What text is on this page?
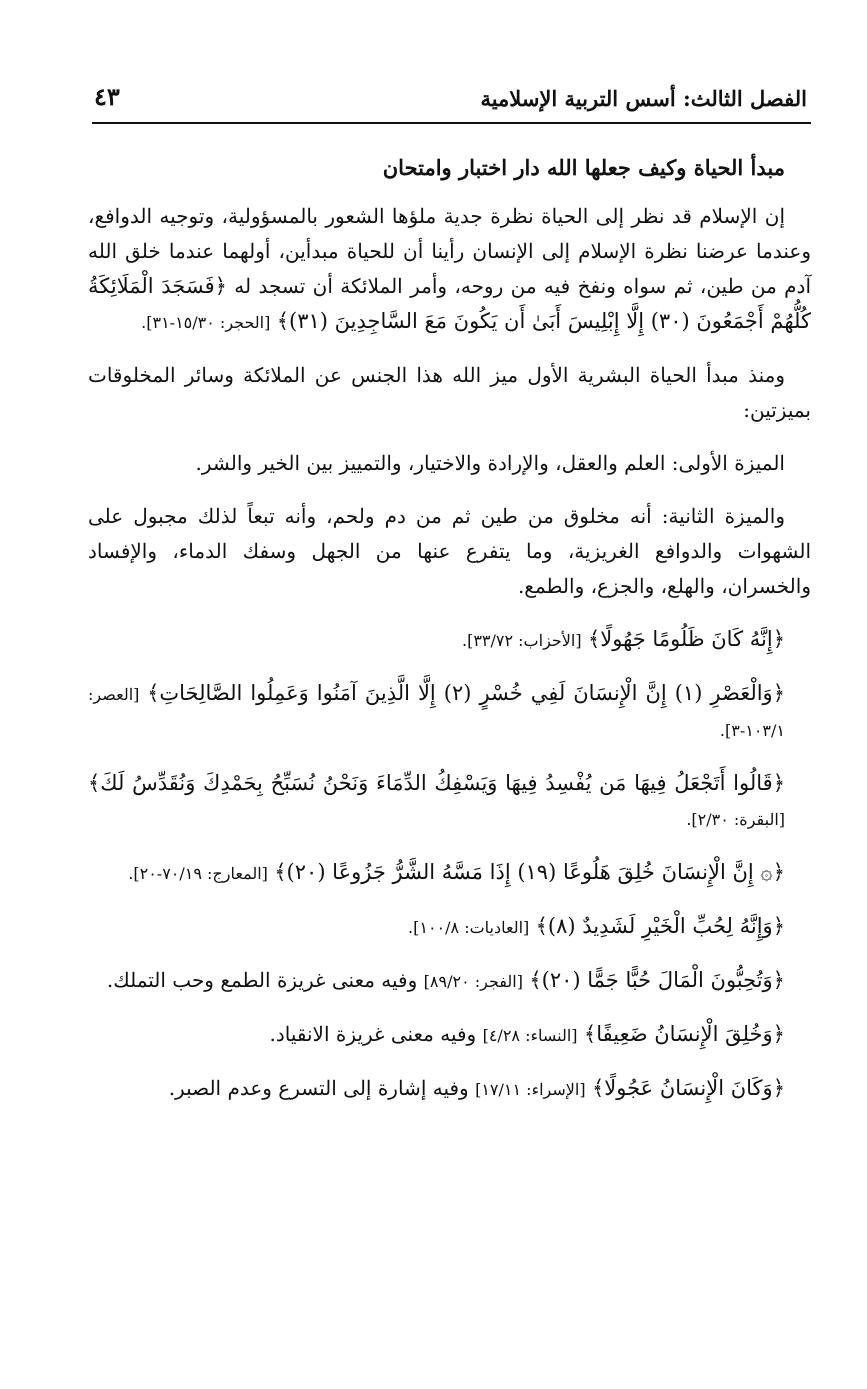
الفصل الثالث: أسس التربية الإسلامية
٤٣
مبدأ الحياة وكيف جعلها الله دار اختبار وامتحان

إن الإسلام قد نظر إلى الحياة نظرة جدية ملؤها الشعور بالمسؤولية، وتوجيه الدوافع، وعندما عرضنا نظرة الإسلام إلى الإنسان رأينا أن للحياة مبدأين، أولهما عندما خلق الله آدم من طين، ثم سواه ونفخ فيه من روحه، وأمر الملائكة أن تسجد له ﴿فَسَجَدَ الْمَلَائِكَةُ كُلُّهُمْ أَجْمَعُونَ (٣٠) إِلَّا إِبْلِيسَ أَبَىٰ أَن يَكُونَ مَعَ السَّاجِدِينَ (٣١)﴾ [الحجر: ١٥/٣٠-٣١].

ومنذ مبدأ الحياة البشرية الأول ميز الله هذا الجنس عن الملائكة وسائر المخلوقات بميزتين:

الميزة الأولى: العلم والعقل، والإرادة والاختيار، والتمييز بين الخير والشر.

والميزة الثانية: أنه مخلوق من طين ثم من دم ولحم، وأنه تبعاً لذلك مجبول على الشهوات والدوافع الغريزية، وما يتفرع عنها من الجهل وسفك الدماء، والإفساد والخسران، والهلع، والجزع، والطمع.

﴿إِنَّهُ كَانَ ظَلُومًا جَهُولًا﴾ [الأحزاب: ٣٣/٧٢].

﴿وَالْعَصْرِ (١) إِنَّ الْإِنسَانَ لَفِي خُسْرٍ (٢) إِلَّا الَّذِينَ آمَنُوا وَعَمِلُوا الصَّالِحَاتِ﴾ [العصر: ١٠٣/١-٣].

﴿قَالُوا أَتَجْعَلُ فِيهَا مَن يُفْسِدُ فِيهَا وَيَسْفِكُ الدِّمَاءَ وَنَحْنُ نُسَبِّحُ بِحَمْدِكَ وَنُقَدِّسُ لَكَ﴾ [البقرة: ٢/٣٠].

﴿۞ إِنَّ الْإِنسَانَ خُلِقَ هَلُوعًا (١٩) إِذَا مَسَّهُ الشَّرُّ جَزُوعًا (٢٠)﴾ [المعارج: ٧٠/١٩-٢٠].

﴿وَإِنَّهُ لِحُبِّ الْخَيْرِ لَشَدِيدٌ (٨)﴾ [العاديات: ١٠٠/٨].

﴿وَتُحِبُّونَ الْمَالَ حُبًّا جَمًّا (٢٠)﴾ [الفجر: ٨٩/٢٠] وفيه معنى غريزة الطمع وحب التملك.

﴿وَخُلِقَ الْإِنسَانُ ضَعِيفًا﴾ [النساء: ٤/٢٨] وفيه معنى غريزة الانقياد.

﴿وَكَانَ الْإِنسَانُ عَجُولًا﴾ [الإسراء: ١٧/١١] وفيه إشارة إلى التسرع وعدم الصبر.
